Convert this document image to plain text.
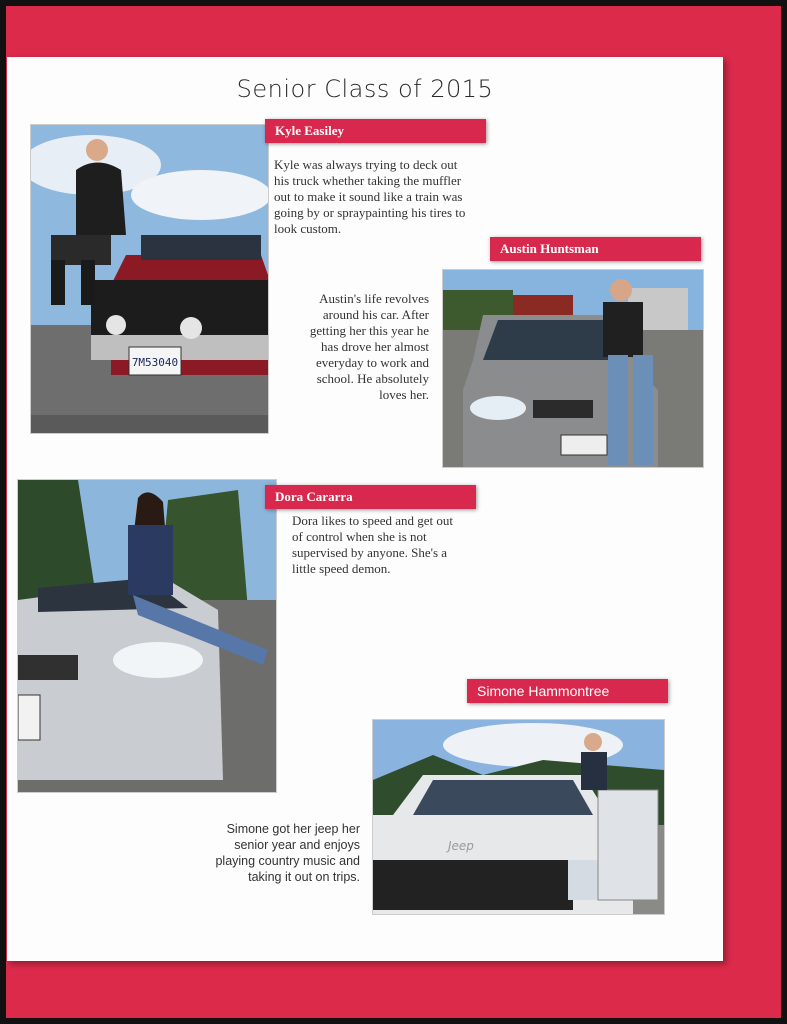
Senior Class of 2015
7M53040
Kyle Easiley
Kyle was always trying to deck out his truck whether taking the muffler out to make it sound like a train was going by or spraypainting his tires to look custom.
Austin Huntsman
Austin's life revolves around his car. After getting her this year he has drove her almost everyday to work and school. He absolutely loves her.
Dora Cararra
Dora likes to speed and get out of control when she is not supervised by anyone. She's a little speed demon.
Simone Hammontree
Jeep
Simone got her jeep her senior year and enjoys playing country music and taking it out on trips.
